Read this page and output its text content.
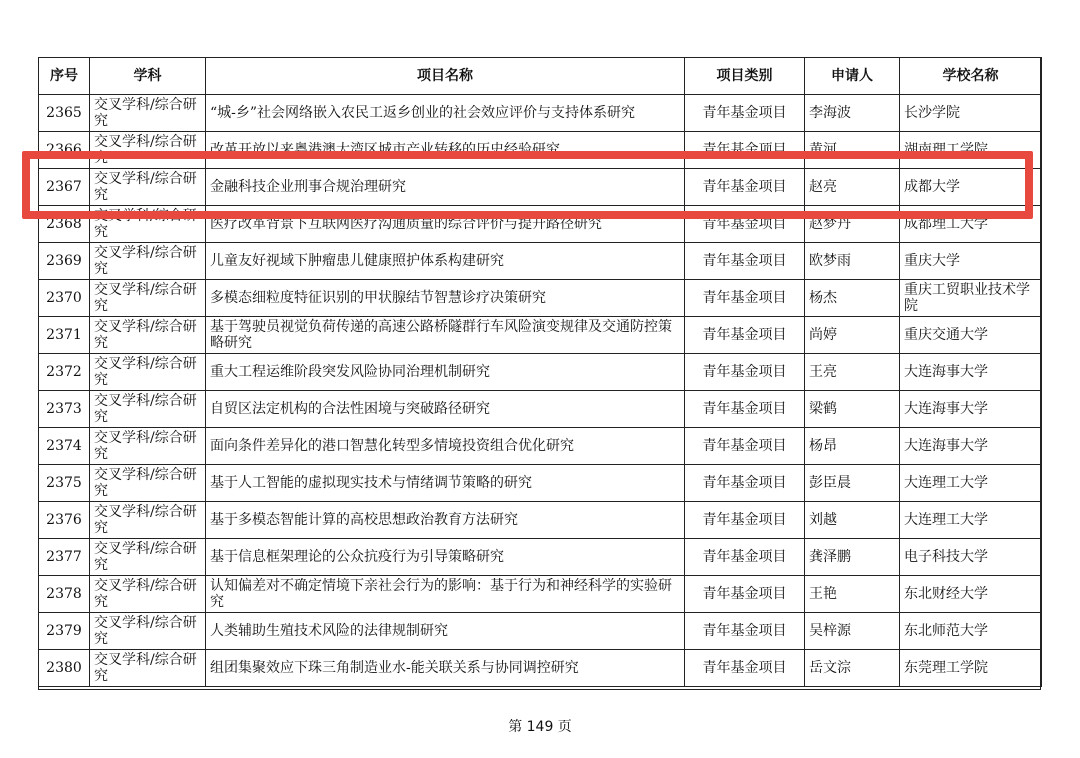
序号	学科	项目名称	项目类别	申请人	学校名称
2365	交叉学科/综合研究	“城-乡”社会网络嵌入农民工返乡创业的社会效应评价与支持体系研究	青年基金项目	李海波	长沙学院
2366	交叉学科/综合研究	改革开放以来粤港澳大湾区城市产业转移的历史经验研究	青年基金项目	黄河	湖南理工学院
2367	交叉学科/综合研究	金融科技企业刑事合规治理研究	青年基金项目	赵亮	成都大学
2368	交叉学科/综合研究	医疗改革背景下互联网医疗沟通质量的综合评价与提升路径研究	青年基金项目	赵梦丹	成都理工大学
2369	交叉学科/综合研究	儿童友好视域下肿瘤患儿健康照护体系构建研究	青年基金项目	欧梦雨	重庆大学
2370	交叉学科/综合研究	多模态细粒度特征识别的甲状腺结节智慧诊疗决策研究	青年基金项目	杨杰	重庆工贸职业技术学院
2371	交叉学科/综合研究	基于驾驶员视觉负荷传递的高速公路桥隧群行车风险演变规律及交通防控策略研究	青年基金项目	尚婷	重庆交通大学
2372	交叉学科/综合研究	重大工程运维阶段突发风险协同治理机制研究	青年基金项目	王亮	大连海事大学
2373	交叉学科/综合研究	自贸区法定机构的合法性困境与突破路径研究	青年基金项目	梁鹤	大连海事大学
2374	交叉学科/综合研究	面向条件差异化的港口智慧化转型多情境投资组合优化研究	青年基金项目	杨昂	大连海事大学
2375	交叉学科/综合研究	基于人工智能的虚拟现实技术与情绪调节策略的研究	青年基金项目	彭臣晨	大连理工大学
2376	交叉学科/综合研究	基于多模态智能计算的高校思想政治教育方法研究	青年基金项目	刘越	大连理工大学
2377	交叉学科/综合研究	基于信息框架理论的公众抗疫行为引导策略研究	青年基金项目	龚泽鹏	电子科技大学
2378	交叉学科/综合研究	认知偏差对不确定情境下亲社会行为的影响：基于行为和神经科学的实验研究	青年基金项目	王艳	东北财经大学
2379	交叉学科/综合研究	人类辅助生殖技术风险的法律规制研究	青年基金项目	吴梓源	东北师范大学
2380	交叉学科/综合研究	组团集聚效应下珠三角制造业水-能关联关系与协同调控研究	青年基金项目	岳文淙	东莞理工学院
第 149 页
